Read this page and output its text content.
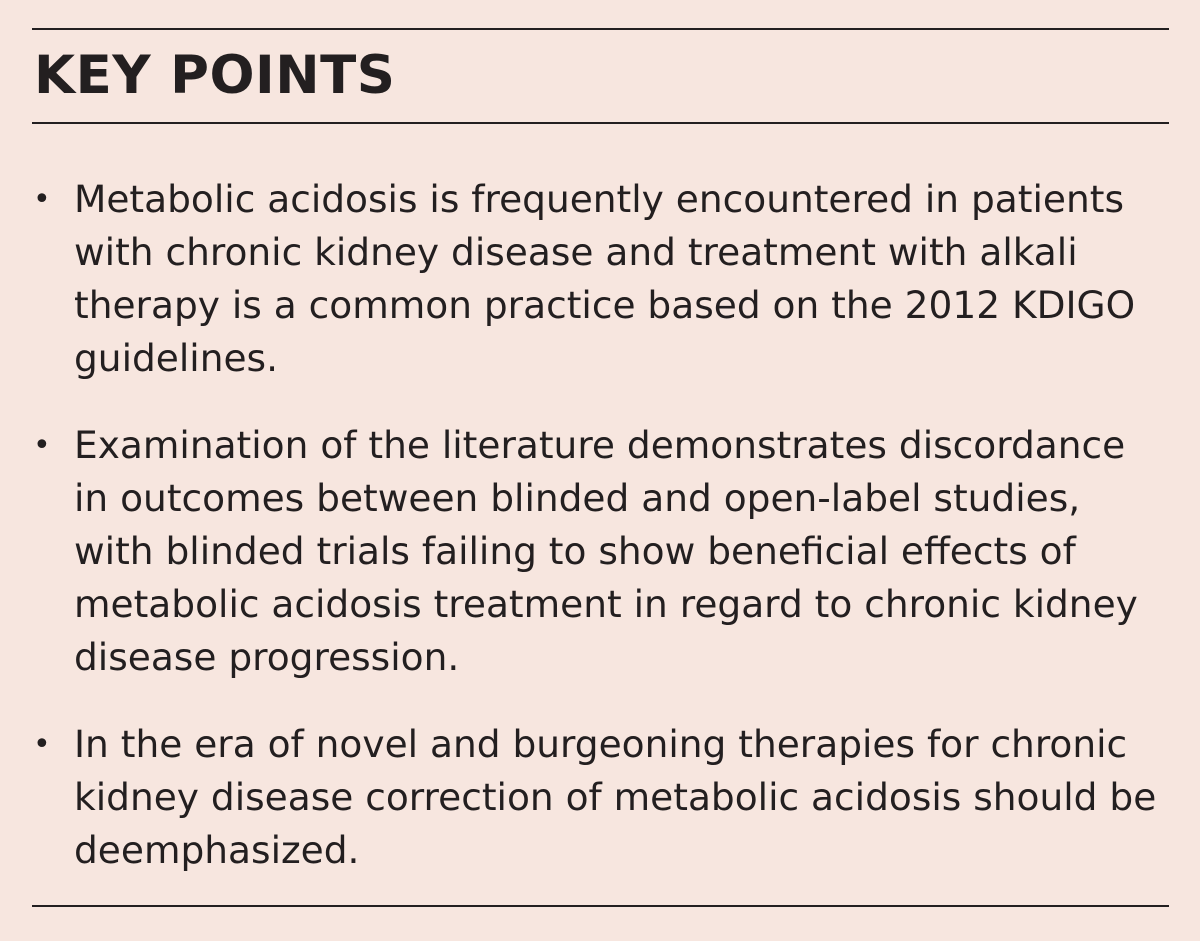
KEY POINTS
• Metabolic acidosis is frequently encountered in patients with chronic kidney disease and treatment with alkali therapy is a common practice based on the 2012 KDIGO guidelines.
• Examination of the literature demonstrates discordance in outcomes between blinded and open-label studies, with blinded trials failing to show beneficial effects of metabolic acidosis treatment in regard to chronic kidney disease progression.
• In the era of novel and burgeoning therapies for chronic kidney disease correction of metabolic acidosis should be deemphasized.
